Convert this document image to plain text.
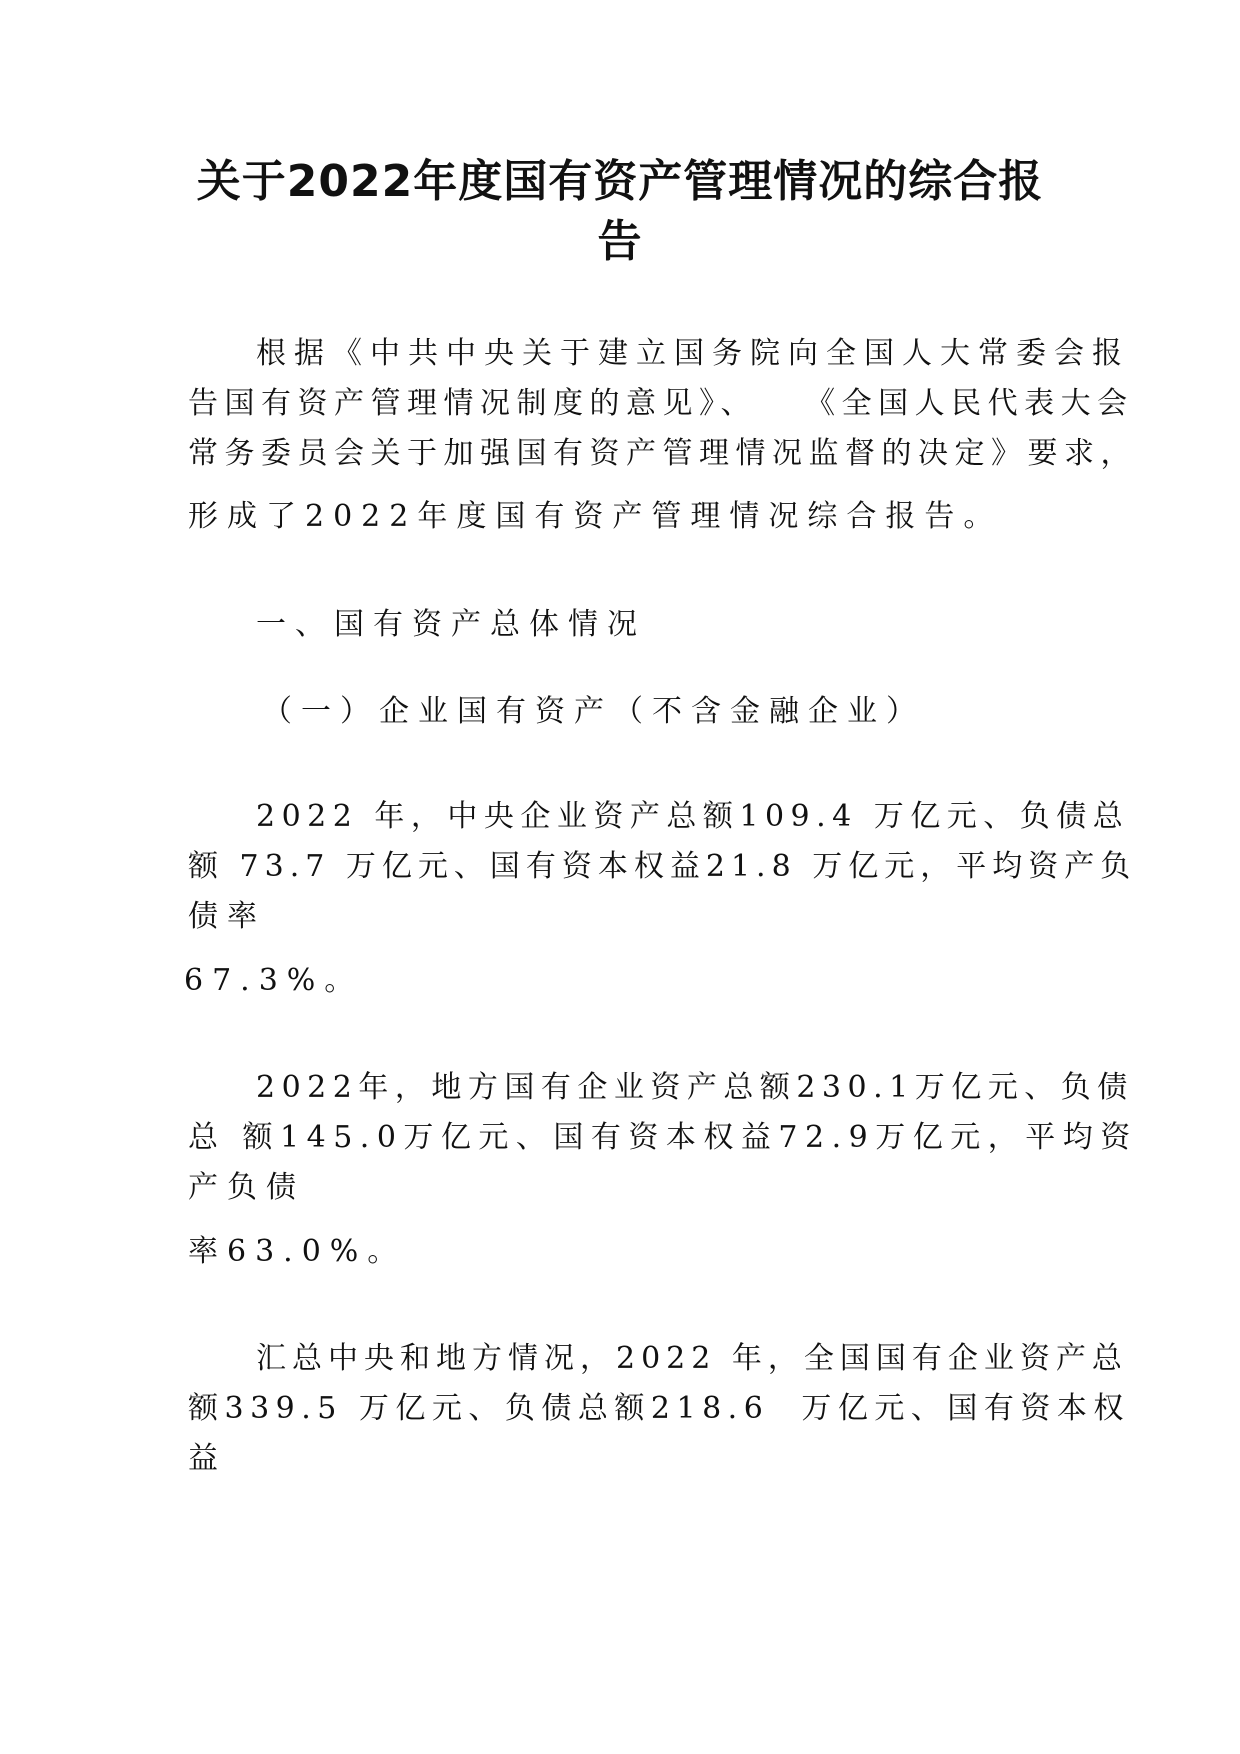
关于2022年度国有资产管理情况的综合报
告
根据《中共中央关于建立国务院向全国人大常委会报
告国有资产管理情况制度的意见》、   《全国人民代表大会
常务委员会关于加强国有资产管理情况监督的决定》要求，
形成了2022年度国有资产管理情况综合报告。
一、国有资产总体情况
（一）企业国有资产（不含金融企业）
2022 年，中央企业资产总额109.4 万亿元、负债总
额 73.7 万亿元、国有资本权益21.8 万亿元，平均资产负
债率
67.3%。
2022年，地方国有企业资产总额230.1万亿元、负债
总 额145.0万亿元、国有资本权益72.9万亿元，平均资
产负债
率63.0%。
汇总中央和地方情况，2022 年，全国国有企业资产总
额339.5 万亿元、负债总额218.6  万亿元、国有资本权
益
